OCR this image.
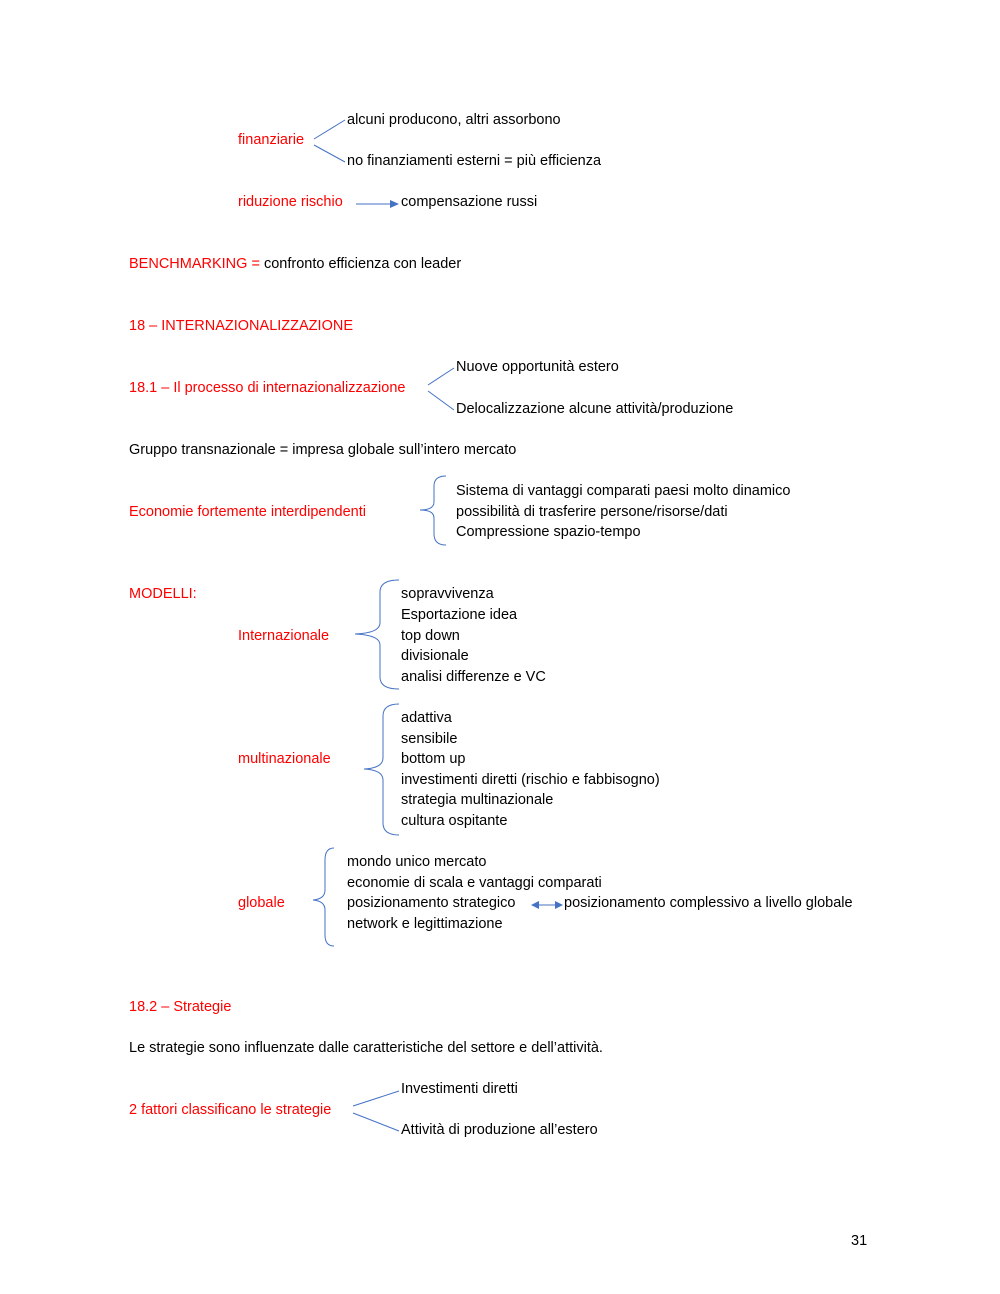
finanziarie
alcuni producono, altri assorbono
no finanziamenti esterni = più efficienza
riduzione rischio	compensazione russi
BENCHMARKING = confronto efficienza con leader
18 – INTERNAZIONALIZZAZIONE
18.1 – Il processo di internazionalizzazione
Nuove opportunità estero
Delocalizzazione alcune attività/produzione
Gruppo transnazionale = impresa globale sull’intero mercato
Economie fortemente interdipendenti
Sistema di vantaggi comparati paesi molto dinamico
possibilità di trasferire persone/risorse/dati
Compressione spazio-tempo
MODELLI:
Internazionale
sopravvivenza
Esportazione idea
top down
divisionale
analisi differenze e VC
multinazionale
adattiva
sensibile
bottom up
investimenti diretti (rischio e fabbisogno)
strategia multinazionale
cultura ospitante
globale
mondo unico mercato
economie di scala e vantaggi comparati
posizionamento strategico
network e legittimazione
posizionamento complessivo a livello globale
18.2 – Strategie
Le strategie sono influenzate dalle caratteristiche del settore e dell’attività.
2 fattori classificano le strategie
Investimenti diretti
Attività di produzione all’estero
31
